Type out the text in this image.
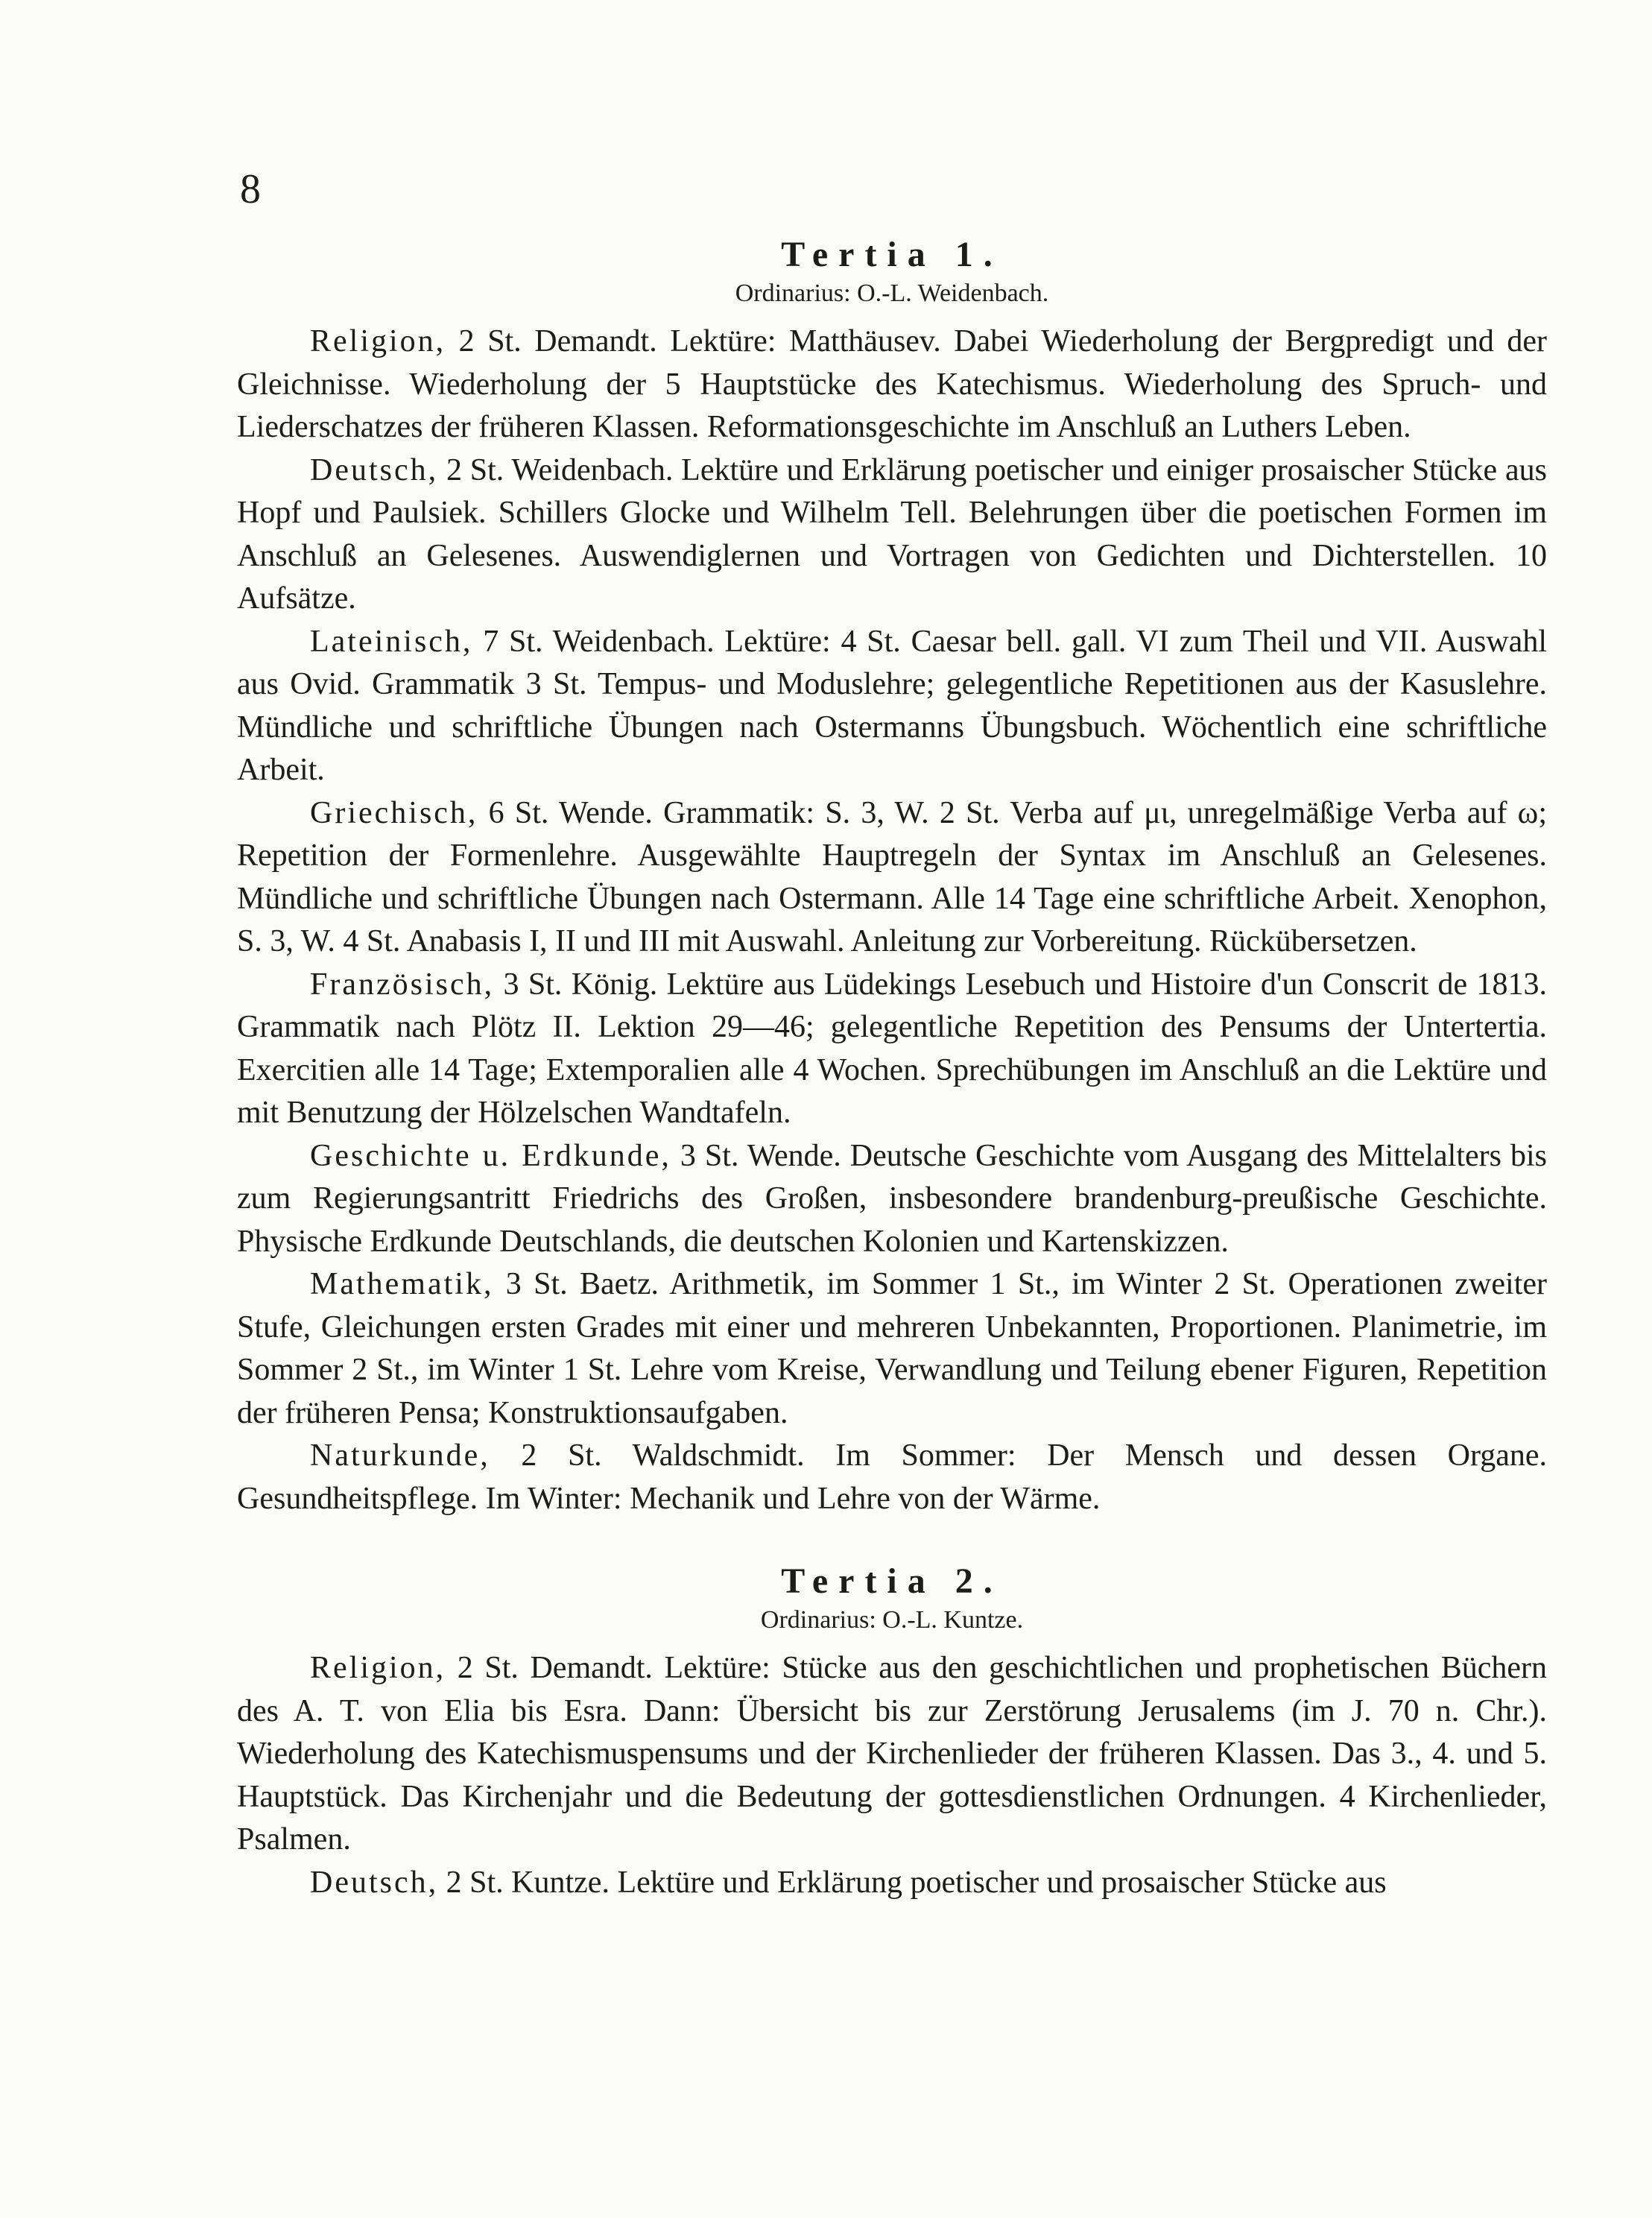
8
Tertia 1.

Ordinarius: O.-L. Weidenbach.

Religion, 2 St. Demandt. Lektüre: Matthäusev. Dabei Wiederholung der Bergpredigt und der Gleichnisse. Wiederholung der 5 Hauptstücke des Katechismus. Wiederholung des Spruch- und Liederschatzes der früheren Klassen. Reformationsgeschichte im Anschluß an Luthers Leben.

Deutsch, 2 St. Weidenbach. Lektüre und Erklärung poetischer und einiger prosaischer Stücke aus Hopf und Paulsiek. Schillers Glocke und Wilhelm Tell. Belehrungen über die poetischen Formen im Anschluß an Gelesenes. Auswendiglernen und Vortragen von Gedichten und Dichterstellen. 10 Aufsätze.

Lateinisch, 7 St. Weidenbach. Lektüre: 4 St. Caesar bell. gall. VI zum Theil und VII. Auswahl aus Ovid. Grammatik 3 St. Tempus- und Moduslehre; gelegentliche Repetitionen aus der Kasuslehre. Mündliche und schriftliche Übungen nach Ostermanns Übungsbuch. Wöchentlich eine schriftliche Arbeit.

Griechisch, 6 St. Wende. Grammatik: S. 3, W. 2 St. Verba auf μι, unregelmäßige Verba auf ω; Repetition der Formenlehre. Ausgewählte Hauptregeln der Syntax im Anschluß an Gelesenes. Mündliche und schriftliche Übungen nach Ostermann. Alle 14 Tage eine schriftliche Arbeit. Xenophon, S. 3, W. 4 St. Anabasis I, II und III mit Auswahl. Anleitung zur Vorbereitung. Rückübersetzen.

Französisch, 3 St. König. Lektüre aus Lüdekings Lesebuch und Histoire d'un Conscrit de 1813. Grammatik nach Plötz II. Lektion 29—46; gelegentliche Repetition des Pensums der Untertertia. Exercitien alle 14 Tage; Extemporalien alle 4 Wochen. Sprechübungen im Anschluß an die Lektüre und mit Benutzung der Hölzelschen Wandtafeln.

Geschichte u. Erdkunde, 3 St. Wende. Deutsche Geschichte vom Ausgang des Mittelalters bis zum Regierungsantritt Friedrichs des Großen, insbesondere brandenburg-preußische Geschichte. Physische Erdkunde Deutschlands, die deutschen Kolonien und Kartenskizzen.

Mathematik, 3 St. Baetz. Arithmetik, im Sommer 1 St., im Winter 2 St. Operationen zweiter Stufe, Gleichungen ersten Grades mit einer und mehreren Unbekannten, Proportionen. Planimetrie, im Sommer 2 St., im Winter 1 St. Lehre vom Kreise, Verwandlung und Teilung ebener Figuren, Repetition der früheren Pensa; Konstruktionsaufgaben.

Naturkunde, 2 St. Waldschmidt. Im Sommer: Der Mensch und dessen Organe. Gesundheitspflege. Im Winter: Mechanik und Lehre von der Wärme.

Tertia 2.

Ordinarius: O.-L. Kuntze.

Religion, 2 St. Demandt. Lektüre: Stücke aus den geschichtlichen und prophetischen Büchern des A. T. von Elia bis Esra. Dann: Übersicht bis zur Zerstörung Jerusalems (im J. 70 n. Chr.). Wiederholung des Katechismuspensums und der Kirchenlieder der früheren Klassen. Das 3., 4. und 5. Hauptstück. Das Kirchenjahr und die Bedeutung der gottesdienstlichen Ordnungen. 4 Kirchenlieder, Psalmen.

Deutsch, 2 St. Kuntze. Lektüre und Erklärung poetischer und prosaischer Stücke aus
